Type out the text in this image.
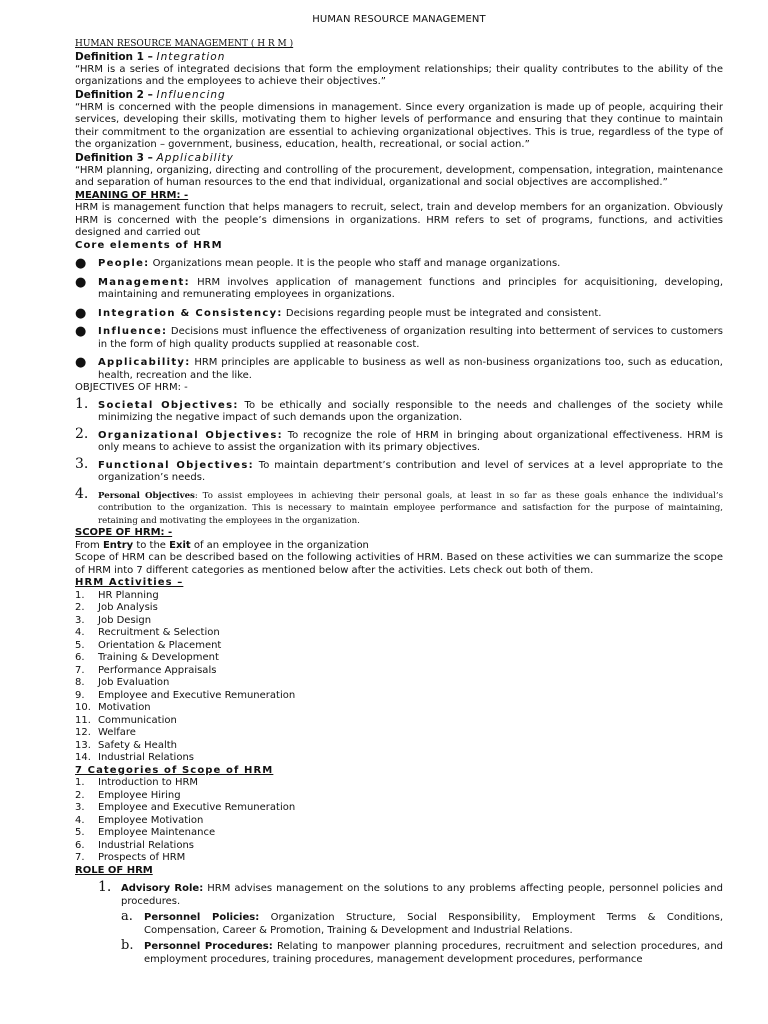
HUMAN RESOURCE MANAGEMENT

HUMAN RESOURCE MANAGEMENT ( H R M )

Definition 1 – Integration

“HRM is a series of integrated decisions that form the employment relationships; their quality contributes to the ability of the organizations and the employees to achieve their objectives.”

Definition 2 – Influencing

“HRM is concerned with the people dimensions in management. Since every organization is made up of people, acquiring their services, developing their skills, motivating them to higher levels of performance and ensuring that they continue to maintain their commitment to the organization are essential to achieving organizational objectives. This is true, regardless of the type of the organization – government, business, education, health, recreational, or social action.”

Definition 3 – Applicability

“HRM planning, organizing, directing and controlling of the procurement, development, compensation, integration, maintenance and separation of human resources to the end that individual, organizational and social objectives are accomplished.”

MEANING OF HRM: -

HRM is management function that helps managers to recruit, select, train and develop members for an organization. Obviously HRM is concerned with the people’s dimensions in organizations. HRM refers to set of programs, functions, and activities designed and carried out

Core elements of HRM

● People: Organizations mean people. It is the people who staff and manage organizations.
● Management: HRM involves application of management functions and principles for acquisitioning, developing, maintaining and remunerating employees in organizations.
● Integration & Consistency: Decisions regarding people must be integrated and consistent.
● Influence: Decisions must influence the effectiveness of organization resulting into betterment of services to customers in the form of high quality products supplied at reasonable cost.
● Applicability: HRM principles are applicable to business as well as non-business organizations too, such as education, health, recreation and the like.

OBJECTIVES OF HRM: -

1. Societal Objectives: To be ethically and socially responsible to the needs and challenges of the society while minimizing the negative impact of such demands upon the organization.
2. Organizational Objectives: To recognize the role of HRM in bringing about organizational effectiveness. HRM is only means to achieve to assist the organization with its primary objectives.
3. Functional Objectives: To maintain department’s contribution and level of services at a level appropriate to the organization’s needs.
4. Personal Objectives: To assist employees in achieving their personal goals, at least in so far as these goals enhance the individual’s contribution to the organization. This is necessary to maintain employee performance and satisfaction for the purpose of maintaining, retaining and motivating the employees in the organization.

SCOPE OF HRM: -

From Entry to the Exit of an employee in the organization

Scope of HRM can be described based on the following activities of HRM. Based on these activities we can summarize the scope of HRM into 7 different categories as mentioned below after the activities. Lets check out both of them.

HRM Activities –

1. HR Planning
2. Job Analysis
3. Job Design
4. Recruitment & Selection
5. Orientation & Placement
6. Training & Development
7. Performance Appraisals
8. Job Evaluation
9. Employee and Executive Remuneration
10. Motivation
11. Communication
12. Welfare
13. Safety & Health
14. Industrial Relations

7 Categories of Scope of HRM

1. Introduction to HRM
2. Employee Hiring
3. Employee and Executive Remuneration
4. Employee Motivation
5. Employee Maintenance
6. Industrial Relations
7. Prospects of HRM

ROLE OF HRM

1. Advisory Role: HRM advises management on the solutions to any problems affecting people, personnel policies and procedures.
a. Personnel Policies: Organization Structure, Social Responsibility, Employment Terms & Conditions, Compensation, Career & Promotion, Training & Development and Industrial Relations.
b. Personnel Procedures: Relating to manpower planning procedures, recruitment and selection procedures, and employment procedures, training procedures, management development procedures, performance
